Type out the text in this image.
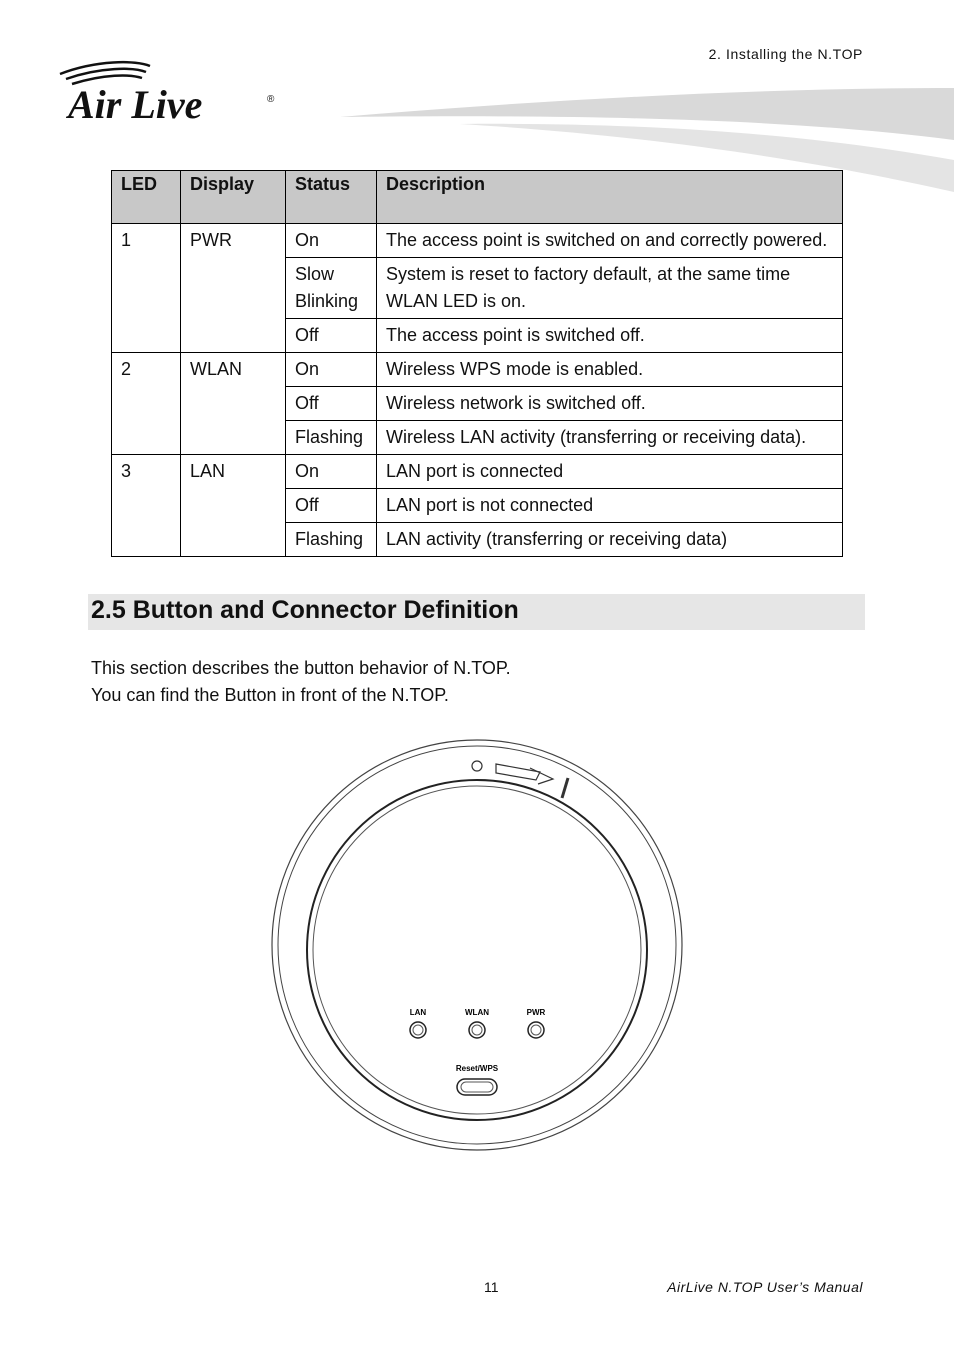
2. Installing the N.TOP
Air Live	®
LED	Display	Status	Description
1	PWR	On	The access point is switched on and correctly powered.
		Slow Blinking	System is reset to factory default, at the same time WLAN LED is on.
		Off	The access point is switched off.
2	WLAN	On	Wireless WPS mode is enabled.
		Off	Wireless network is switched off.
		Flashing	Wireless LAN activity (transferring or receiving data).
3	LAN	On	LAN port is connected
		Off	LAN port is not connected
		Flashing	LAN activity (transferring or receiving data)
2.5 Button and Connector Definition
This section describes the button behavior of N.TOP.
You can find the Button in front of the N.TOP.
LAN	WLAN	PWR
Reset/WPS
11	AirLive N.TOP User’s Manual
